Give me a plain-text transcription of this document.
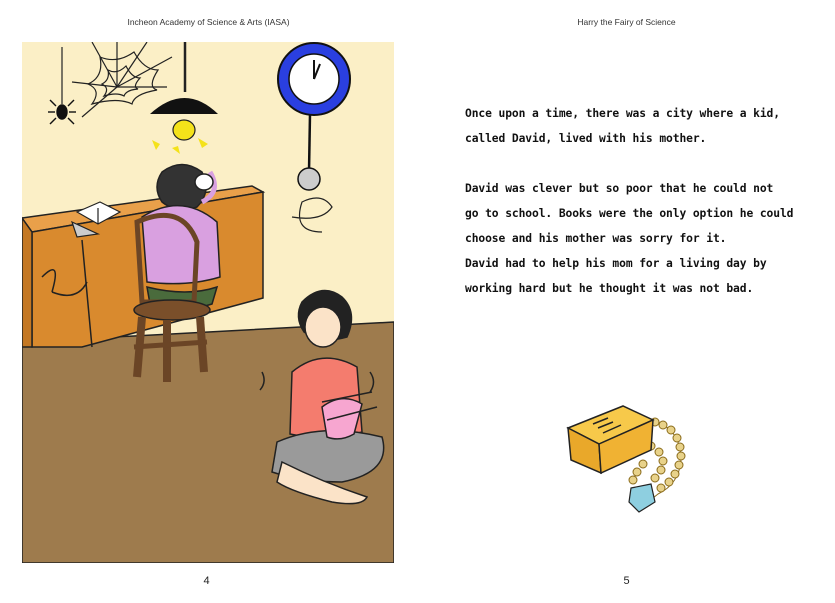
Incheon Academy of Science & Arts (IASA)
4
Harry the Fairy of Science

Once upon a time, there was a city where a kid,
called David, lived with his mother.

David was clever but so poor that he could not
go to school. Books were the only option he could
choose and his mother was sorry for it.

David had to help his mom for a living day by
working hard but he thought it was not bad.

5
